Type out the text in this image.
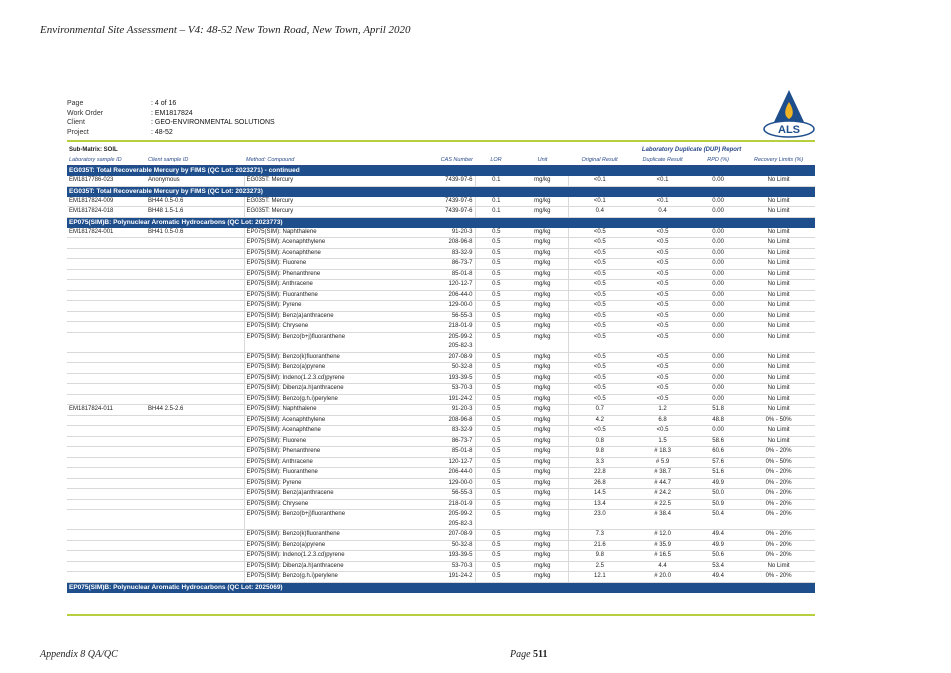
Environmental Site Assessment – V4: 48-52 New Town Road, New Town, April 2020
Page	: 4 of 16
Work Order	: EM1817824
Client	: GEO-ENVIRONMENTAL SOLUTIONS
Project	: 48-52	ALS
Sub-Matrix: SOIL						Laboratory Duplicate (DUP) Report			
Laboratory sample ID	Client sample ID	Method: Compound	CAS Number	LOR	Unit	Original Result	Duplicate Result	RPD (%)	Recovery Limits (%)
EG035T: Total Recoverable Mercury by FIMS (QC Lot: 2023271) - continued									
EM1817786-023	Anonymous	EG035T: Mercury	7439-97-6	0.1	mg/kg	<0.1	<0.1	0.00	No Limit
EG035T: Total Recoverable Mercury by FIMS (QC Lot: 2023273)									
EM1817824-009	BH44 0.5-0.6	EG035T: Mercury	7439-97-6	0.1	mg/kg	<0.1	<0.1	0.00	No Limit
EM1817824-018	BH48 1.5-1.6	EG035T: Mercury	7439-97-6	0.1	mg/kg	0.4	0.4	0.00	No Limit
EP075(SIM)B: Polynuclear Aromatic Hydrocarbons (QC Lot: 2023773)									
EM1817824-001	BH41 0.5-0.6	EP075(SIM): Naphthalene	91-20-3	0.5	mg/kg	<0.5	<0.5	0.00	No Limit
		EP075(SIM): Acenaphthylene	208-96-8	0.5	mg/kg	<0.5	<0.5	0.00	No Limit
		EP075(SIM): Acenaphthene	83-32-9	0.5	mg/kg	<0.5	<0.5	0.00	No Limit
		EP075(SIM): Fluorene	86-73-7	0.5	mg/kg	<0.5	<0.5	0.00	No Limit
		EP075(SIM): Phenanthrene	85-01-8	0.5	mg/kg	<0.5	<0.5	0.00	No Limit
		EP075(SIM): Anthracene	120-12-7	0.5	mg/kg	<0.5	<0.5	0.00	No Limit
		EP075(SIM): Fluoranthene	206-44-0	0.5	mg/kg	<0.5	<0.5	0.00	No Limit
		EP075(SIM): Pyrene	129-00-0	0.5	mg/kg	<0.5	<0.5	0.00	No Limit
		EP075(SIM): Benz(a)anthracene	56-55-3	0.5	mg/kg	<0.5	<0.5	0.00	No Limit
		EP075(SIM): Chrysene	218-01-9	0.5	mg/kg	<0.5	<0.5	0.00	No Limit
		EP075(SIM): Benzo(b+j)fluoranthene	205-99-2
205-82-3	0.5	mg/kg	<0.5	<0.5	0.00	No Limit
		EP075(SIM): Benzo(k)fluoranthene	207-08-9	0.5	mg/kg	<0.5	<0.5	0.00	No Limit
		EP075(SIM): Benzo(a)pyrene	50-32-8	0.5	mg/kg	<0.5	<0.5	0.00	No Limit
		EP075(SIM): Indeno(1.2.3.cd)pyrene	193-39-5	0.5	mg/kg	<0.5	<0.5	0.00	No Limit
		EP075(SIM): Dibenz(a.h)anthracene	53-70-3	0.5	mg/kg	<0.5	<0.5	0.00	No Limit
		EP075(SIM): Benzo(g.h.i)perylene	191-24-2	0.5	mg/kg	<0.5	<0.5	0.00	No Limit
EM1817824-011	BH44 2.5-2.6	EP075(SIM): Naphthalene	91-20-3	0.5	mg/kg	0.7	1.2	51.8	No Limit
		EP075(SIM): Acenaphthylene	208-96-8	0.5	mg/kg	4.2	6.8	48.8	0% - 50%
		EP075(SIM): Acenaphthene	83-32-9	0.5	mg/kg	<0.5	<0.5	0.00	No Limit
		EP075(SIM): Fluorene	86-73-7	0.5	mg/kg	0.8	1.5	58.6	No Limit
		EP075(SIM): Phenanthrene	85-01-8	0.5	mg/kg	9.8	# 18.3	60.6	0% - 20%
		EP075(SIM): Anthracene	120-12-7	0.5	mg/kg	3.3	# 5.9	57.6	0% - 50%
		EP075(SIM): Fluoranthene	206-44-0	0.5	mg/kg	22.8	# 38.7	51.6	0% - 20%
		EP075(SIM): Pyrene	129-00-0	0.5	mg/kg	26.8	# 44.7	49.9	0% - 20%
		EP075(SIM): Benz(a)anthracene	56-55-3	0.5	mg/kg	14.5	# 24.2	50.0	0% - 20%
		EP075(SIM): Chrysene	218-01-9	0.5	mg/kg	13.4	# 22.5	50.9	0% - 20%
		EP075(SIM): Benzo(b+j)fluoranthene	205-99-2
205-82-3	0.5	mg/kg	23.0	# 38.4	50.4	0% - 20%
		EP075(SIM): Benzo(k)fluoranthene	207-08-9	0.5	mg/kg	7.3	# 12.0	49.4	0% - 20%
		EP075(SIM): Benzo(a)pyrene	50-32-8	0.5	mg/kg	21.6	# 35.9	49.9	0% - 20%
		EP075(SIM): Indeno(1.2.3.cd)pyrene	193-39-5	0.5	mg/kg	9.8	# 16.5	50.6	0% - 20%
		EP075(SIM): Dibenz(a.h)anthracene	53-70-3	0.5	mg/kg	2.5	4.4	53.4	No Limit
		EP075(SIM): Benzo(g.h.i)perylene	191-24-2	0.5	mg/kg	12.1	# 20.0	49.4	0% - 20%
EP075(SIM)B: Polynuclear Aromatic Hydrocarbons (QC Lot: 2025069)									
Appendix 8 QA/QC	Page 511
